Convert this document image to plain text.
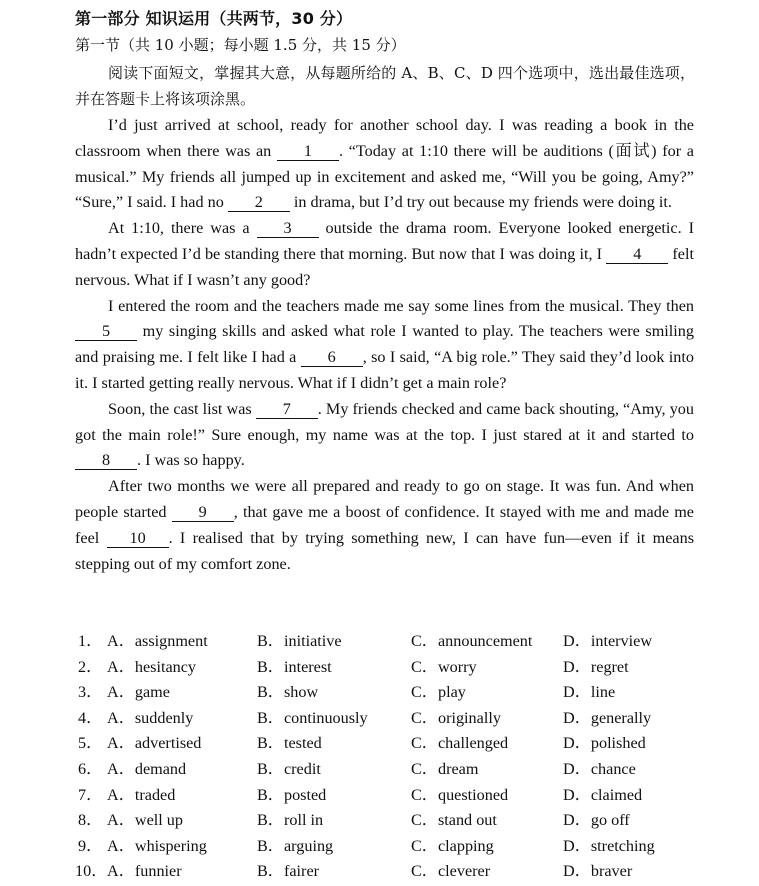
第一部分 知识运用（共两节，30 分）
第一节（共 10 小题；每小题 1.5 分，共 15 分）
阅读下面短文，掌握其大意，从每题所给的 A、B、C、D 四个选项中，选出最佳选项，并在答题卡上将该项涂黑。

I’d just arrived at school, ready for another school day. I was reading a book in the classroom when there was an 1 . “Today at 1:10 there will be auditions (面试) for a musical.” My friends all jumped up in excitement and asked me, “Will you be going, Amy?” “Sure,” I said. I had no 2 in drama, but I’d try out because my friends were doing it.

At 1:10, there was a 3 outside the drama room. Everyone looked energetic. I hadn’t expected I’d be standing there that morning. But now that I was doing it, I 4 felt nervous. What if I wasn’t any good?

I entered the room and the teachers made me say some lines from the musical. They then 5 my singing skills and asked what role I wanted to play. The teachers were smiling and praising me. I felt like I had a 6 , so I said, “A big role.” They said they’d look into it. I started getting really nervous. What if I didn’t get a main role?

Soon, the cast list was 7 . My friends checked and came back shouting, “Amy, you got the main role!” Sure enough, my name was at the top. I just stared at it and started to 8 . I was so happy.

After two months we were all prepared and ready to go on stage. It was fun. And when people started 9 , that gave me a boost of confidence. It stayed with me and made me feel 10 . I realised that by trying something new, I can have fun—even if it means stepping out of my comfort zone.

1． A．assignment	B．initiative	C．announcement D．interview
2． A．hesitancy	B．interest	C．worry	D．regret
3． A．game	B．show	C．play	D．line
4． A．suddenly	B．continuously	C．originally	D．generally
5． A．advertised	B．tested	C．challenged	D．polished
6． A．demand	B．credit	C．dream	D．chance
7． A．traded	B．posted	C．questioned	D．claimed
8． A．well up	B．roll in	C．stand out	D．go off
9． A．whispering	B．arguing	C．clapping	D．stretching
10． A．funnier	B．fairer	C．cleverer	D．braver
